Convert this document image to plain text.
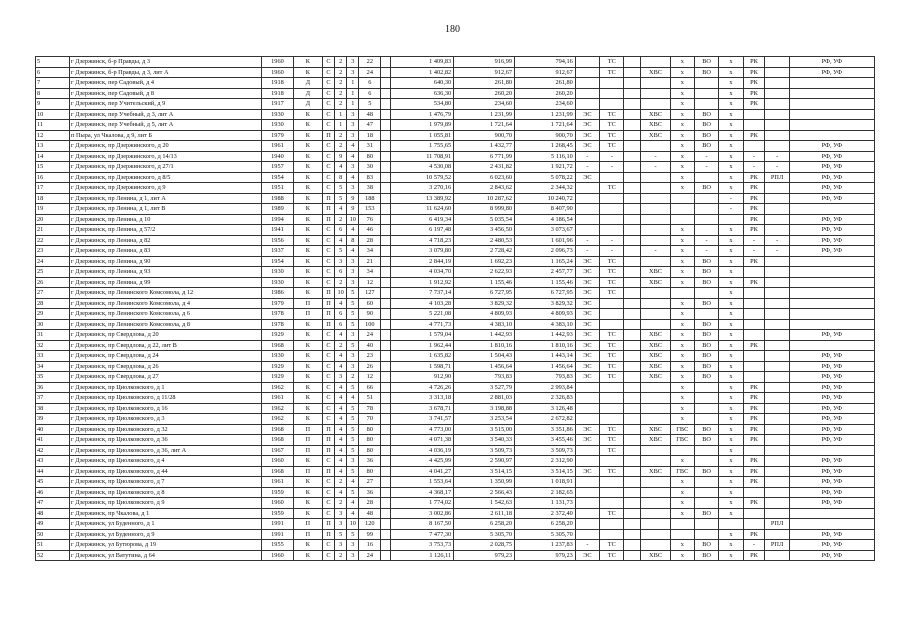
180
5	г Дзержинск, б-р Правды, д 3	1960	К	С	2	3	22		1 409,83	916,99	794,16		ТС			х	ВО	х	РК		РФ, УФ
6	г Дзержинск, б-р Правды, д 3, лит А	1960	К	С	2	3	24		1 402,82	912,67	912,67		ТС		ХВС	х	ВО	х	РК		РФ, УФ
7	г Дзержинск, пер Садовый, д 4	1918	Д	С	2	1	6		640,30	261,80	261,80					х		х	РК		
8	г Дзержинск, пер Садовый, д 8	1918	Д	С	2	1	6		636,30	260,20	260,20					х		х	РК		
9	г Дзержинск, пер Учительский, д 9	1917	Д	С	2	1	5		534,80	234,60	234,60					х		х	РК		
10	г Дзержинск, пер Учебный, д 3, лит А	1930	К	С	1	3	48		1 476,79	1 231,99	1 231,99	ЭС	ТС		ХВС	х	ВО	х			
11	г Дзержинск, пер Учебный, д 5, лит А	1930	К	С	1	3	47		1 979,89	1 721,64	1 721,64	ЭС	ТС		ХВС	х	ВО	х			
12	п Пыра, ул Чкалова, д 9, лит Б	1979	К	П	2	3	18		1 055,81	900,70	900,70	ЭС	ТС		ХВС	х	ВО	х	РК		
13	г Дзержинск, пр Дзержинского, д 20	1961	К	С	2	4	31		1 755,65	1 432,77	1 268,45	ЭС	ТС			х	ВО	х			РФ, УФ
14	г Дзержинск, пр Дзержинского, д 14/13	1940	К	С	9	4	80		11 708,91	6 771,99	5 116,10	-	-		-	х	-	х	-	-	РФ, УФ
15	г Дзержинск, пр Дзержинского, д 27/1	1957	К	С	4	3	30		4 530,08	2 431,82	1 921,72	-	-		-	х	-	х	-	-	РФ, УФ
16	г Дзержинск, пр Дзержинского, д 8/5	1954	К	С	8	4	83		10 579,52	6 023,60	5 078,22	ЭС				х		х	РК	РПЛ	РФ, УФ
17	г Дзержинск, пр Дзержинского, д 9	1951	К	С	5	3	38		3 270,16	2 843,62	2 344,32		ТС			х	ВО	х	РК		РФ, УФ
18	г Дзержинск, пр Ленина, д 1, лит А	1988	К	П	5	9	188		13 389,92	10 287,62	10 240,72							-	РК		РФ, УФ
19	г Дзержинск, пр Ленина, д 1, лит В	1989	К	П	4	9	153		11 624,60	8 999,80	8 407,90							-	РК		
20	г Дзержинск, пр Ленина, д 10	1994	К	П	2	10	76		6 419,34	5 035,54	4 186,54								РК		РФ, УФ
21	г Дзержинск, пр Ленина, д 57/2	1941	К	С	6	4	46		6 197,48	3 456,50	3 073,67					х		х	РК		РФ, УФ
22	г Дзержинск, пр Ленина, д 82	1956	К	С	4	8	28		4 718,23	2 480,53	1 601,96	-	-			х	-	х	-	-	РФ, УФ
23	г Дзержинск, пр Ленина, д 83	1937	К	С	5	4	34		3 079,80	2 728,42	2 096,73	-	-		-	х	-	х	-	-	РФ, УФ
24	г Дзержинск, пр Ленина, д 90	1954	К	С	3	3	21		2 844,19	1 692,23	1 165,24	ЭС	ТС			х	ВО	х	РК		
25	г Дзержинск, пр Ленина, д 93	1930	К	С	6	3	34		4 034,70	2 622,93	2 457,77	ЭС	ТС		ХВС	х	ВО	х			
26	г Дзержинск, пр Ленина, д 99	1930	К	С	2	3	12		1 912,92	1 155,46	1 155,46	ЭС	ТС		ХВС	х	ВО	х	РК		
27	г Дзержинск, пр Ленинского Комсомола, д 12	1986	К	П	10	5	127		7 737,14	6 727,95	6 727,95	ЭС	ТС					х			
28	г Дзержинск, пр Ленинского Комсомола, д 4	1979	П	П	4	5	60		4 103,28	3 829,32	3 829,32	ЭС				х	ВО	х			
29	г Дзержинск, пр Ленинского Комсомола, д 6	1978	П	П	6	5	90		5 221,08	4 809,93	4 809,93	ЭС				х		х			
30	г Дзержинск, пр Ленинского Комсомола, д 8	1978	К	П	6	5	100		4 771,73	4 383,10	4 383,10	ЭС				х	ВО	х			
31	г Дзержинск, пр Свердлова, д 20	1929	К	С	4	3	24		1 579,04	1 442,93	1 442,93	ЭС	ТС		ХВС	х	ВО	х			РФ, УФ
32	г Дзержинск, пр Свердлова, д 22, лит В	1968	К	С	2	5	40		1 962,44	1 810,16	1 810,16	ЭС	ТС		ХВС	х	ВО	х	РК		
33	г Дзержинск, пр Свердлова, д 24	1930	К	С	4	3	23		1 635,82	1 504,43	1 443,14	ЭС	ТС		ХВС	х	ВО	х			РФ, УФ
34	г Дзержинск, пр Свердлова, д 26	1929	К	С	4	3	26		1 598,71	1 456,64	1 456,64	ЭС	ТС		ХВС	х	ВО	х			РФ, УФ
35	г Дзержинск, пр Свердлова, д 27	1929	К	С	3	2	12		912,90	793,83	793,83	ЭС	ТС		ХВС	х	ВО	х			РФ, УФ
36	г Дзержинск, пр Циолковского, д 1	1962	К	С	4	5	66		4 726,26	3 527,79	2 993,84					х		х	РК		РФ, УФ
37	г Дзержинск, пр Циолковского, д 11/28	1961	К	С	4	4	51		3 313,18	2 881,03	2 326,83					х		х	РК		РФ, УФ
38	г Дзержинск, пр Циолковского, д 16	1962	К	С	4	5	78		3 678,71	3 198,88	3 126,48					х		х	РК		РФ, УФ
39	г Дзержинск, пр Циолковского, д 3	1962	К	С	4	5	70		3 741,57	3 253,54	2 672,82					х		х	РК		РФ, УФ
40	г Дзержинск, пр Циолковского, д 32	1968	П	П	4	5	80		4 773,00	3 515,00	3 351,86	ЭС	ТС		ХВС	ГВС	ВО	х	РК		РФ, УФ
41	г Дзержинск, пр Циолковского, д 36	1968	П	П	4	5	80		4 071,38	3 540,33	3 455,46	ЭС	ТС		ХВС	ГВС	ВО	х	РК		РФ, УФ
42	г Дзержинск, пр Циолковского, д 36, лит А	1967	П	П	4	5	80		4 036,19	3 509,73	3 509,73		ТС					х			
43	г Дзержинск, пр Циолковского, д 4	1960	К	С	4	3	36		4 425,99	2 590,97	2 312,90					х		х	РК		РФ, УФ
44	г Дзержинск, пр Циолковского, д 44	1968	П	П	4	5	80		4 041,27	3 514,15	3 514,15	ЭС	ТС		ХВС	ГВС	ВО	х	РК		РФ, УФ
45	г Дзержинск, пр Циолковского, д 7	1961	К	С	2	4	27		1 553,64	1 350,99	1 018,91					х		х	РК		РФ, УФ
46	г Дзержинск, пр Циолковского, д 8	1959	К	С	4	5	36		4 368,17	2 566,43	2 182,65					х		х			РФ, УФ
47	г Дзержинск, пр Циолковского, д 9	1960	К	С	2	4	28		1 774,02	1 542,63	1 131,73					х		х	РК		РФ, УФ
48	г Дзержинск, пр Чкалова, д 1	1959	К	С	3	4	48		3 002,86	2 611,18	2 372,40		ТС			х	ВО	х			
49	г Дзержинск, ул Буденного, д 1	1991	П	П	3	10	120		8 167,50	6 258,20	6 258,20									РПЛ	
50	г Дзержинск, ул Буденного, д 9	1991	П	П	5	5	99		7 477,30	5 305,70	5 305,70							х	РК		РФ, УФ
51	г Дзержинск, ул Бутюрова, д 19	1955	К	С	3	3	16		3 753,73	2 028,75	1 237,83	-	ТС			х	ВО	х	-	РПЛ	РФ, УФ
52	г Дзержинск, ул Ватутина, д 64	1960	К	С	2	3	24		1 126,11	979,23	979,23	ЭС	ТС		ХВС	х	ВО	х	РК		РФ, УФ
